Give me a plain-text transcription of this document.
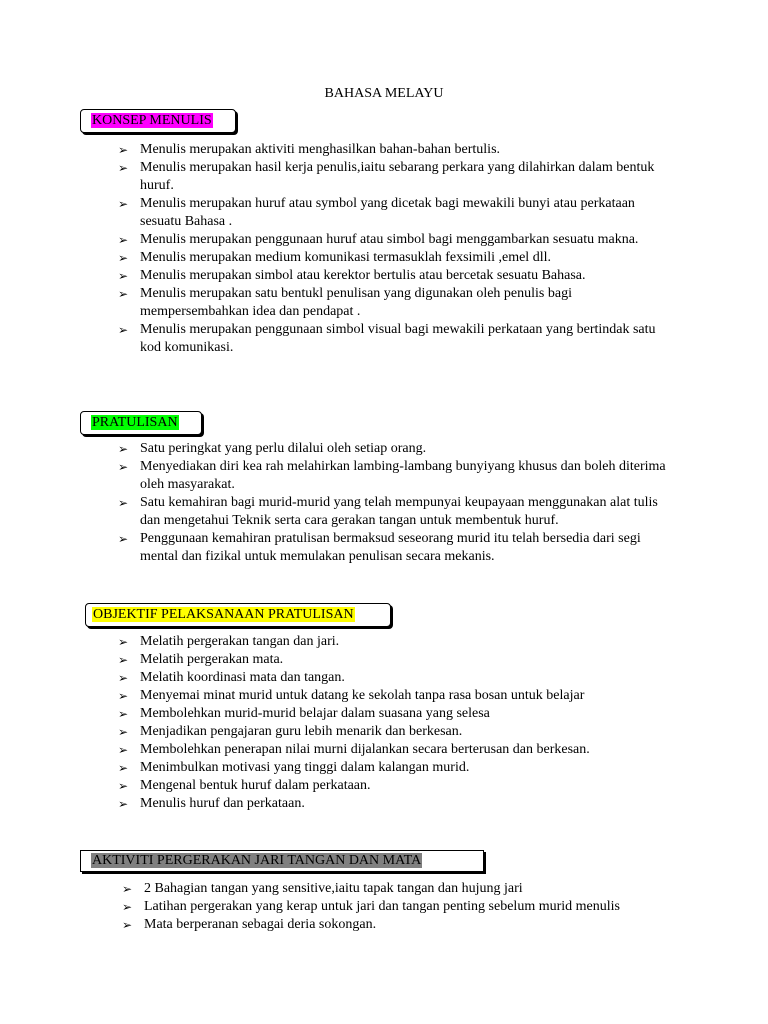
BAHASA MELAYU
KONSEP MENULIS
➢ Menulis merupakan aktiviti menghasilkan bahan-bahan bertulis.
➢ Menulis merupakan hasil kerja penulis,iaitu sebarang perkara yang dilahirkan dalam bentuk huruf.
➢ Menulis merupakan huruf atau symbol yang dicetak bagi mewakili bunyi atau perkataan sesuatu Bahasa .
➢ Menulis merupakan penggunaan huruf atau simbol bagi menggambarkan sesuatu makna.
➢ Menulis merupakan medium komunikasi termasuklah fexsimili ,emel dll.
➢ Menulis merupakan simbol atau kerektor bertulis atau bercetak sesuatu Bahasa.
➢ Menulis merupakan satu bentukl penulisan yang digunakan oleh penulis bagi mempersembahkan idea dan pendapat .
➢ Menulis merupakan penggunaan simbol visual bagi mewakili perkataan yang bertindak satu kod komunikasi.
PRATULISAN
➢ Satu peringkat yang perlu dilalui oleh setiap orang.
➢ Menyediakan diri kea rah melahirkan lambing-lambang bunyiyang khusus dan boleh diterima oleh masyarakat.
➢ Satu kemahiran bagi murid-murid yang telah mempunyai keupayaan menggunakan alat tulis dan mengetahui Teknik serta cara gerakan tangan untuk membentuk huruf.
➢ Penggunaan kemahiran pratulisan bermaksud seseorang murid itu telah bersedia dari segi mental dan fizikal untuk memulakan penulisan secara mekanis.
OBJEKTIF PELAKSANAAN PRATULISAN
➢ Melatih pergerakan tangan dan jari.
➢ Melatih pergerakan mata.
➢ Melatih koordinasi mata dan tangan.
➢ Menyemai minat murid untuk datang ke sekolah tanpa rasa bosan untuk belajar
➢ Membolehkan murid-murid belajar dalam suasana yang selesa
➢ Menjadikan pengajaran guru lebih menarik dan berkesan.
➢ Membolehkan penerapan nilai murni dijalankan secara berterusan dan berkesan.
➢ Menimbulkan motivasi yang tinggi dalam kalangan murid.
➢ Mengenal bentuk huruf dalam perkataan.
➢ Menulis huruf dan perkataan.
AKTIVITI PERGERAKAN JARI TANGAN DAN MATA
➢ 2 Bahagian tangan yang sensitive,iaitu tapak tangan dan hujung jari
➢ Latihan pergerakan yang kerap untuk jari dan tangan penting sebelum murid menulis
➢ Mata berperanan sebagai deria sokongan.
